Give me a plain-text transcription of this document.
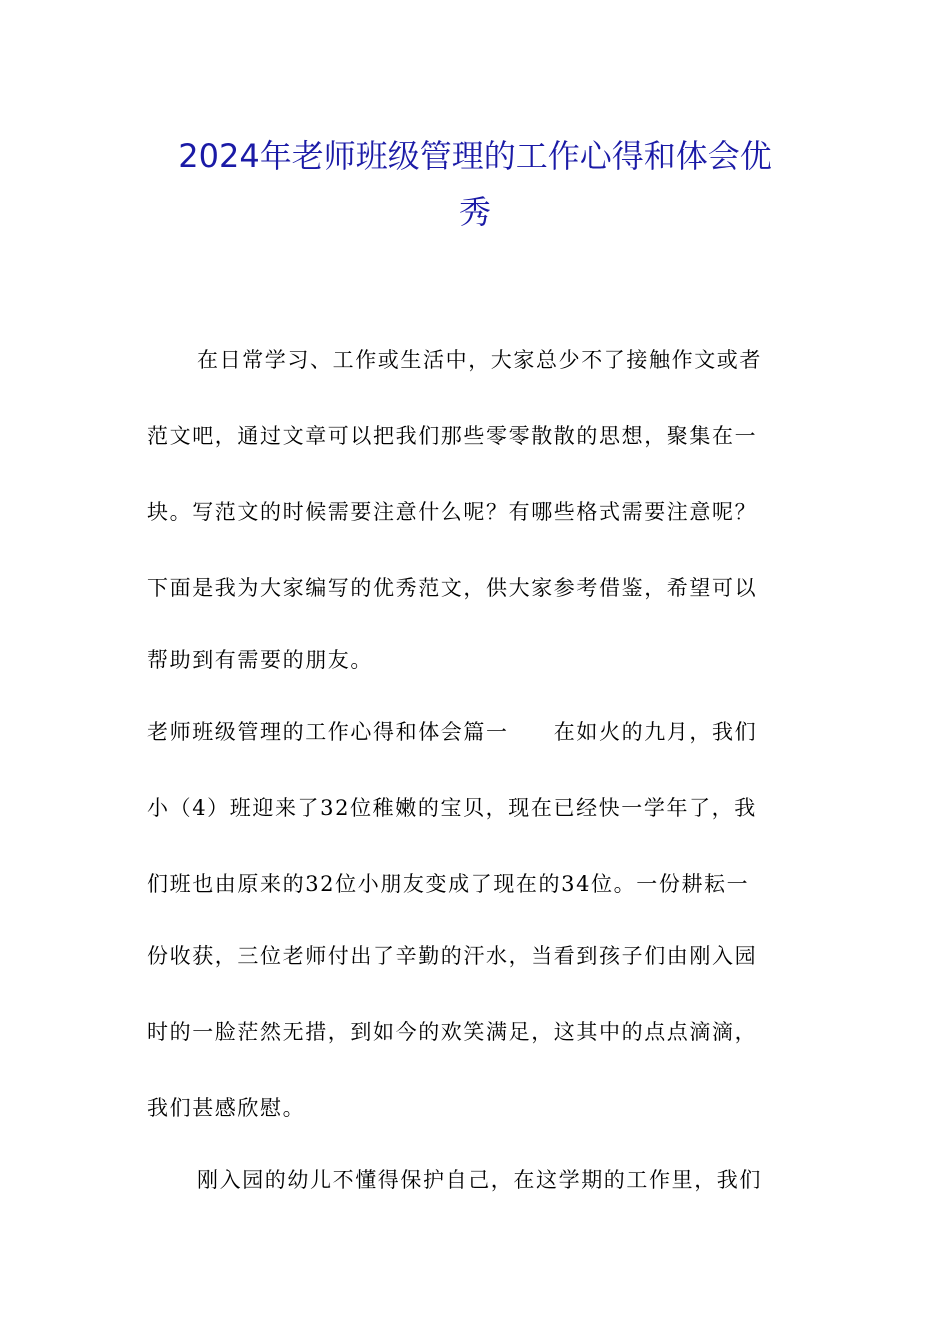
2024年老师班级管理的工作心得和体会优
秀
在日常学习、工作或生活中，大家总少不了接触作文或者
范文吧，通过文章可以把我们那些零零散散的思想，聚集在一
块。写范文的时候需要注意什么呢？有哪些格式需要注意呢？
下面是我为大家编写的优秀范文，供大家参考借鉴，希望可以
帮助到有需要的朋友。
老师班级管理的工作心得和体会篇一　　在如火的九月，我们
小（4）班迎来了32位稚嫩的宝贝，现在已经快一学年了，我
们班也由原来的32位小朋友变成了现在的34位。一份耕耘一
份收获，三位老师付出了辛勤的汗水，当看到孩子们由刚入园
时的一脸茫然无措，到如今的欢笑满足，这其中的点点滴滴，
我们甚感欣慰。
刚入园的幼儿不懂得保护自己，在这学期的工作里，我们
